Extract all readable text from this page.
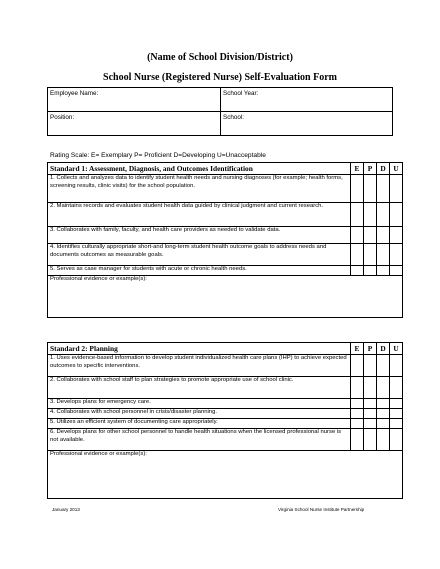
(Name of School Division/District)
School Nurse (Registered Nurse) Self-Evaluation Form
Employee Name:	School Year:
Position:	School:
Rating Scale: E= Exemplary P= Proficient D=Developing U=Unacceptable
Standard 1: Assessment, Diagnosis, and Outcomes Identification	E	P	D	U
1. Collects and analyzes data to identify student health needs and nursing diagnoses (for example; health forms, screening results, clinic visits) for the school population.				
2. Maintains records and evaluates student health data guided by clinical judgment and current research.				
3. Collaborates with family, faculty, and health care providers as needed to validate data.				
4. Identifies culturally appropriate short-and long-term student health outcome goals to address needs and documents outcomes as measurable goals.				
5. Serves as case manager for students with acute or chronic health needs.				
Professional evidence or example(s):				
Standard 2: Planning	E	P	D	U
1. Uses evidence-based information to develop student individualized health care plans (IHP) to achieve expected outcomes to specific interventions.				
2. Collaborates with school staff to plan strategies to promote appropriate use of school clinic.				
3. Develops plans for emergency care.				
4. Collaborates with school personnel in crisis/disaster planning.				
5. Utilizes an efficient system of documenting care appropriately.				
6. Develops plans for other school personnel to handle health situations when the licensed professional nurse is not available.				
Professional evidence or example(s):				
January 2013	Virginia School Nurse Institute Partnership
